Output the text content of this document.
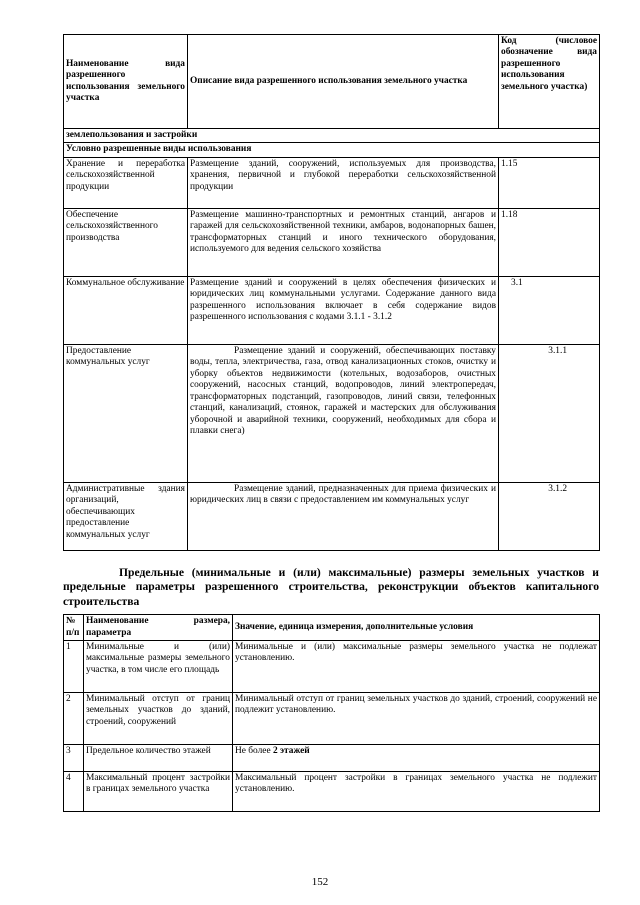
Наименование вида разрешенного использования земельного участка	Описание вида разрешенного использования земельного участка	Код (числовое обозначение вида разрешенного использования земельного участка)
землепользования и застройки		
Условно разрешенные виды использования		
Хранение и переработка сельскохозяйственной продукции	Размещение зданий, сооружений, используемых для производства, хранения, первичной и глубокой переработки сельскохозяйственной продукции	1.15
Обеспечение сельскохозяйственного производства	Размещение машинно-транспортных и ремонтных станций, ангаров и гаражей для сельскохозяйственной техники, амбаров, водонапорных башен, трансформаторных станций и иного технического оборудования, используемого для ведения сельского хозяйства	1.18
Коммунальное обслуживание	Размещение зданий и сооружений в целях обеспечения физических и юридических лиц коммунальными услугами. Содержание данного вида разрешенного использования включает в себя содержание видов разрешенного использования с кодами 3.1.1 - 3.1.2	3.1
Предоставление коммунальных услуг	Размещение зданий и сооружений, обеспечивающих поставку воды, тепла, электричества, газа, отвод канализационных стоков, очистку и уборку объектов недвижимости (котельных, водозаборов, очистных сооружений, насосных станций, водопроводов, линий электропередач, трансформаторных подстанций, газопроводов, линий связи, телефонных станций, канализаций, стоянок, гаражей и мастерских для обслуживания уборочной и аварийной техники, сооружений, необходимых для сбора и плавки снега)	3.1.1
Административные здания организаций, обеспечивающих предоставление коммунальных услуг	Размещение зданий, предназначенных для приема физических и юридических лиц в связи с предоставлением им коммунальных услуг	3.1.2
Предельные (минимальные и (или) максимальные) размеры земельных участков и предельные параметры разрешенного строительства, реконструкции объектов капитального строительства
№ п/п	Наименование размера, параметра	Значение, единица измерения, дополнительные условия
1	Минимальные и (или) максимальные размеры земельного участка, в том числе его площадь	Минимальные и (или) максимальные размеры земельного участка не подлежат установлению.
2	Минимальный отступ от границ земельных участков до зданий, строений, сооружений	Минимальный отступ от границ земельных участков до зданий, строений, сооружений не подлежит установлению.
3	Предельное количество этажей	Не более 2 этажей
4	Максимальный процент застройки в границах земельного участка	Максимальный процент застройки в границах земельного участка не подлежит установлению.
152
